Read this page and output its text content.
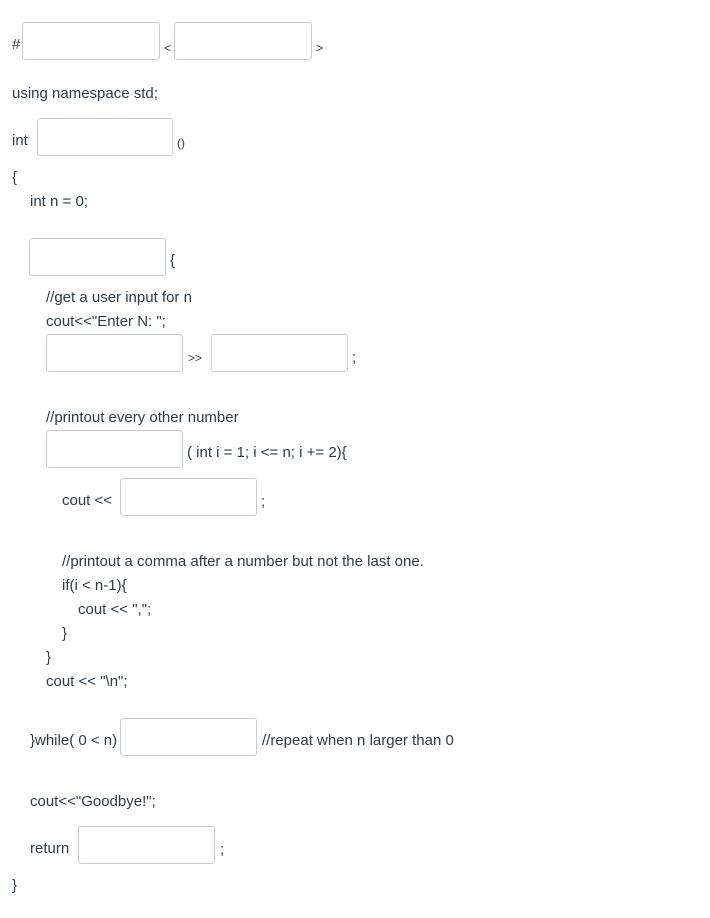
#	<	>
using namespace std;
int	()
{
int n = 0;
{
//get a user input for n
cout<<"Enter N: ";
>>	;
//printout every other number
( int i = 1; i <= n; i += 2){
cout <<	;
//printout a comma after a number but not the last one.
if(i < n-1){
cout << ",";
}
}
cout << "\n";
}while( 0 < n)	//repeat when n larger than 0
cout<<"Goodbye!";
return	;
}
